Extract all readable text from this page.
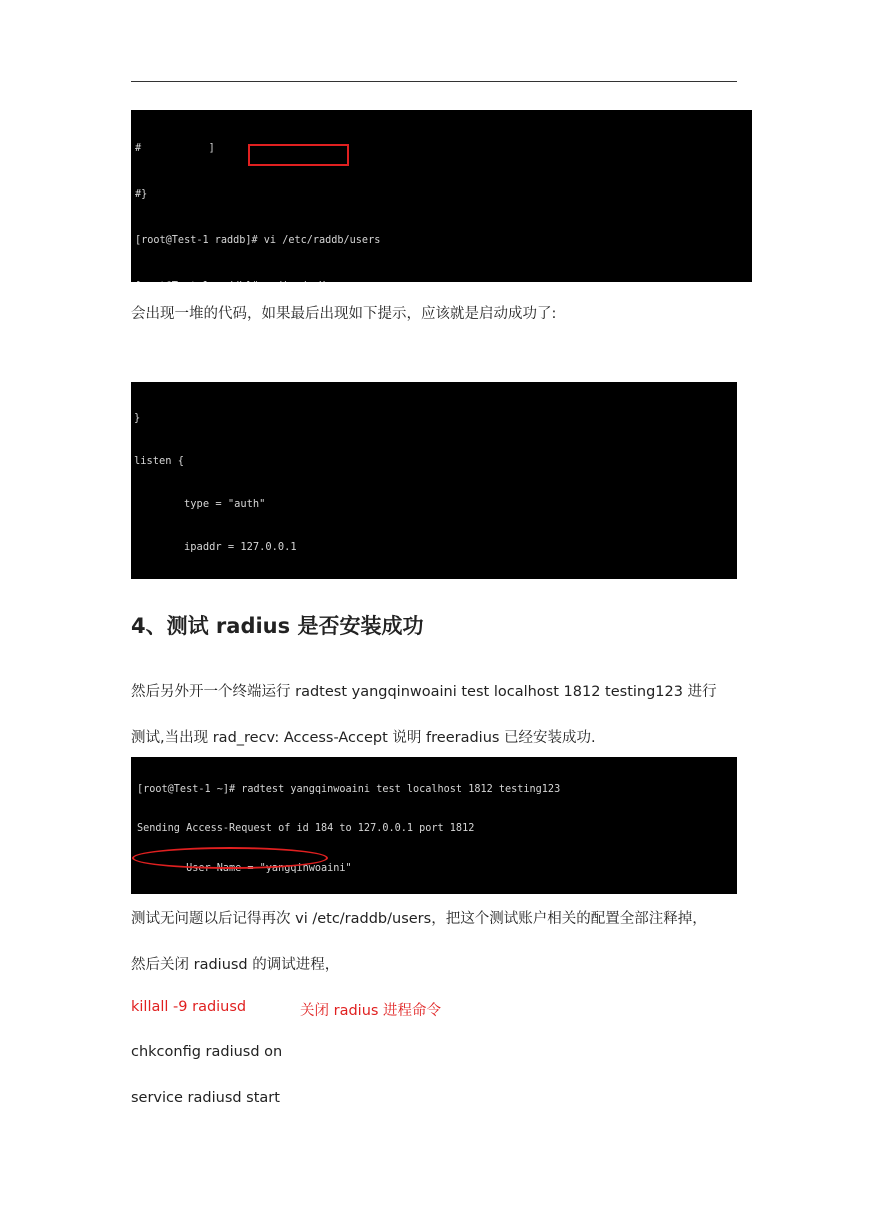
#           ]

#}

[root@Test-1 raddb]# vi /etc/raddb/users

会出现一堆的代码，如果最后出现如下提示，应该就是启动成功了:

}

listen {

type = "auth"

ipaddr = 127.0.0.1

4、测试 radius 是否安装成功
然后另外开一个终端运行 radtest yangqinwoaini test localhost 1812 testing123 进行
测试,当出现 rad_recv: Access-Accept 说明 freeradius 已经安装成功.

[root@Test-1 ~]# radtest yangqinwoaini test localhost 1812 testing123

Sending Access-Request of id 184 to 127.0.0.1 port 1812

User-Name = "yangqinwoaini"

测试无问题以后记得再次 vi /etc/raddb/users，把这个测试账户相关的配置全部注释掉，
然后关闭 radiusd 的调试进程，
killall -9 radiusd	关闭 radius 进程命令
chkconfig radiusd on
service radiusd start
